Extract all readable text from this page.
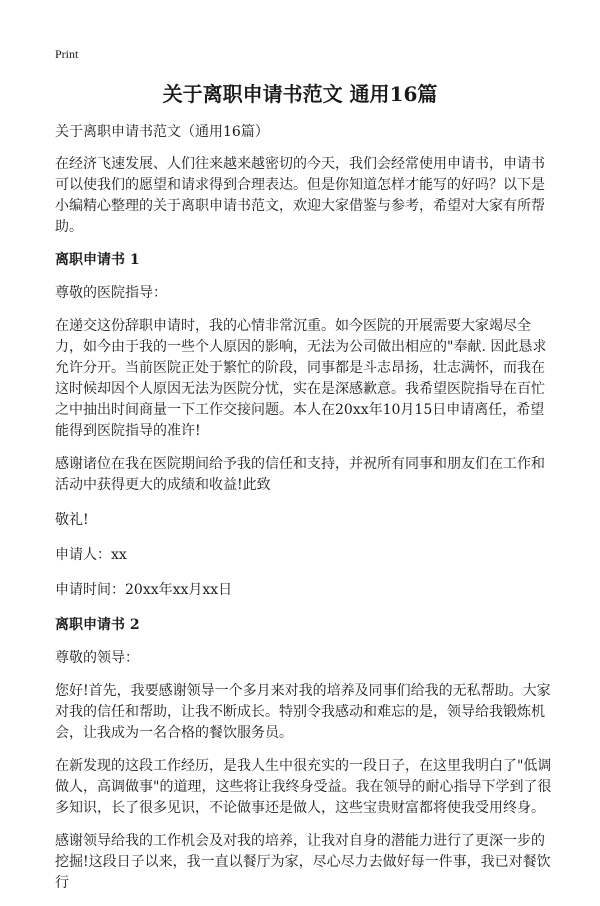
Print
关于离职申请书范文 通用16篇

关于离职申请书范文（通用16篇）

在经济飞速发展、人们往来越来越密切的今天，我们会经常使用申请书，申请书可以使我们的愿望和请求得到合理表达。但是你知道怎样才能写的好吗？以下是小编精心整理的关于离职申请书范文，欢迎大家借鉴与参考，希望对大家有所帮助。

离职申请书 1

尊敬的医院指导：

在递交这份辞职申请时，我的心情非常沉重。如今医院的开展需要大家竭尽全力，如今由于我的一些个人原因的影响，无法为公司做出相应的"奉献. 因此恳求允许分开。当前医院正处于繁忙的阶段，同事都是斗志昂扬，壮志满怀，而我在这时候却因个人原因无法为医院分忧，实在是深感歉意。我希望医院指导在百忙之中抽出时间商量一下工作交接问题。本人在20xx年10月15日申请离任，希望能得到医院指导的准许!

感谢诸位在我在医院期间给予我的信任和支持，并祝所有同事和朋友们在工作和活动中获得更大的成绩和收益!此致

敬礼!

申请人：xx

申请时间：20xx年xx月xx日

离职申请书 2

尊敬的领导：

您好!首先，我要感谢领导一个多月来对我的培养及同事们给我的无私帮助。大家对我的信任和帮助，让我不断成长。特别令我感动和难忘的是，领导给我锻炼机会，让我成为一名合格的餐饮服务员。

在新发现的这段工作经历，是我人生中很充实的一段日子，在这里我明白了"低调做人，高调做事"的道理，这些将让我终身受益。我在领导的耐心指导下学到了很多知识，长了很多见识，不论做事还是做人，这些宝贵财富都将使我受用终身。

感谢领导给我的工作机会及对我的培养，让我对自身的潜能力进行了更深一步的挖掘!这段日子以来，我一直以餐厅为家，尽心尽力去做好每一件事，我已对餐饮行
